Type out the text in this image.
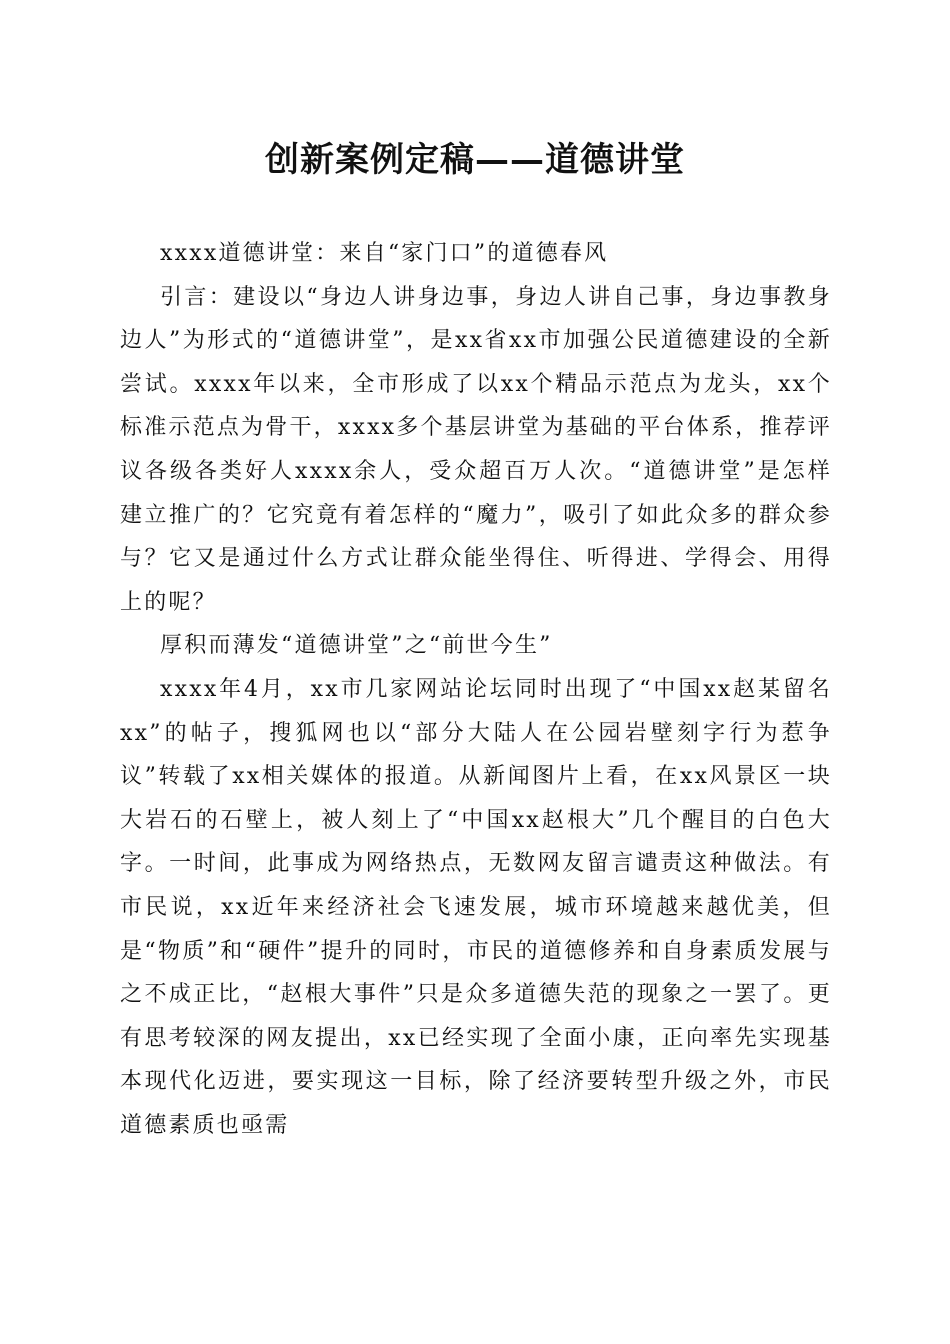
创新案例定稿——道德讲堂

xxxx道德讲堂：来自“家门口”的道德春风

引言：建设以“身边人讲身边事，身边人讲自己事，身边事教身边人”为形式的“道德讲堂”，是xx省xx市加强公民道德建设的全新尝试。xxxx年以来，全市形成了以xx个精品示范点为龙头，xx个标准示范点为骨干，xxxx多个基层讲堂为基础的平台体系，推荐评议各级各类好人xxxx余人，受众超百万人次。“道德讲堂”是怎样建立推广的？它究竟有着怎样的“魔力”，吸引了如此众多的群众参与？它又是通过什么方式让群众能坐得住、听得进、学得会、用得上的呢？

厚积而薄发“道德讲堂”之“前世今生”

xxxx年4月，xx市几家网站论坛同时出现了“中国xx赵某留名xx”的帖子，搜狐网也以“部分大陆人在公园岩壁刻字行为惹争议”转载了xx相关媒体的报道。从新闻图片上看，在xx风景区一块大岩石的石壁上，被人刻上了“中国xx赵根大”几个醒目的白色大字。一时间，此事成为网络热点，无数网友留言谴责这种做法。有市民说，xx近年来经济社会飞速发展，城市环境越来越优美，但是“物质”和“硬件”提升的同时，市民的道德修养和自身素质发展与之不成正比，“赵根大事件”只是众多道德失范的现象之一罢了。更有思考较深的网友提出，xx已经实现了全面小康，正向率先实现基本现代化迈进，要实现这一目标，除了经济要转型升级之外，市民道德素质也亟需
